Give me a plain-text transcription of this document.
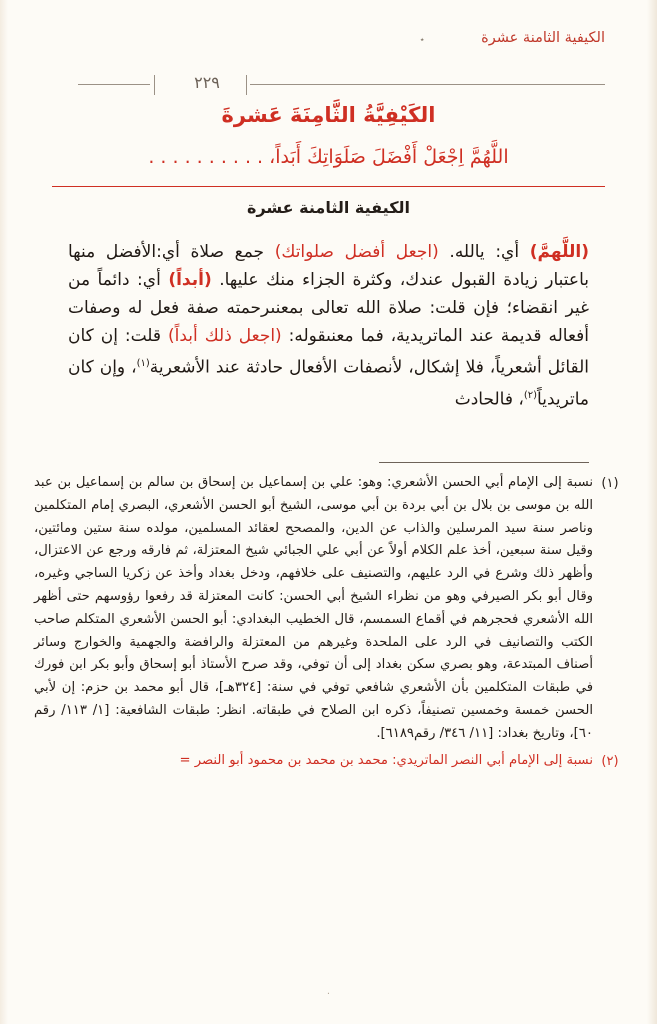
الكيفية الثامنة عشرة
٭
٢٢٩
الكَيْفِيَّةُ الثَّامِنَةَ عَشرةَ
اللَّهُمَّ اِجْعَلْ أَفْضَلَ صَلَوَاتِكَ أَبَداً، . . . . . . . . . .
الكيفية الثامنة عشرة

(اللَّهمَّ) أي: يالله. (اجعل أفضل صلواتك) جمع صلاة أي:الأفضل منها باعتبار زيادة القبول عندك، وكثرة الجزاء منك عليها. (أبداً) أي: دائماً من غير انقضاء؛ فإن قلت: صلاة الله تعالى بمعنىرحمته صفة فعل له وصفات أفعاله قديمة عند الماتريدية، فما معنىقوله: (اجعل ذلك أبداً) قلت: إن كان القائل أشعرياً، فلا إشكال، لأنصفات الأفعال حادثة عند الأشعرية$^{(١)}$، وإن كان ماتريدياً$^{(٢)}$، فالحادث

(١)
نسبة إلى الإمام أبي الحسن الأشعري: وهو: علي بن إسماعيل بن إسحاق بن سالم بن إسماعيل بن عبد الله بن موسى بن بلال بن أبي بردة بن أبي موسى، الشيخ أبو الحسن الأشعري، البصري إمام المتكلمين وناصر سنة سيد المرسلين والذاب عن الدين، والمصحح لعقائد المسلمين، مولده سنة ستين ومائتين، وقيل سنة سبعين، أخذ علم الكلام أولاً عن أبي علي الجبائي شيخ المعتزلة، ثم فارقه ورجع عن الاعتزال، وأظهر ذلك وشرع في الرد عليهم، والتصنيف على خلافهم، ودخل بغداد وأخذ عن زكريا الساجي وغيره، وقال أبو بكر الصيرفي وهو من نظراء الشيخ أبي الحسن: كانت المعتزلة قد رفعوا رؤوسهم حتى أظهر الله الأشعري فحجرهم في أقماع السمسم، قال الخطيب البغدادي: أبو الحسن الأشعري المتكلم صاحب الكتب والتصانيف في الرد على الملحدة وغيرهم من المعتزلة والرافضة والجهمية والخوارج وسائر أصناف المبتدعة، وهو بصري سكن بغداد إلى أن توفي، وقد صرح الأستاذ أبو إسحاق وأبو بكر ابن فورك في طبقات المتكلمين بأن الأشعري شافعي توفي في سنة: [٣٢٤هـ]، قال أبو محمد بن حزم: إن لأبي الحسن خمسة وخمسين تصنيفاً، ذكره ابن الصلاح في طبقاته. انظر: طبقات الشافعية: [١/ ١١٣/ رقم ٦٠]، وتاريخ بغداد: [١١/ ٣٤٦/ رقم٦١٨٩].
(٢)
نسبة إلى الإمام أبي النصر الماتريدي: محمد بن محمد بن محمود أبو النصر =
·
